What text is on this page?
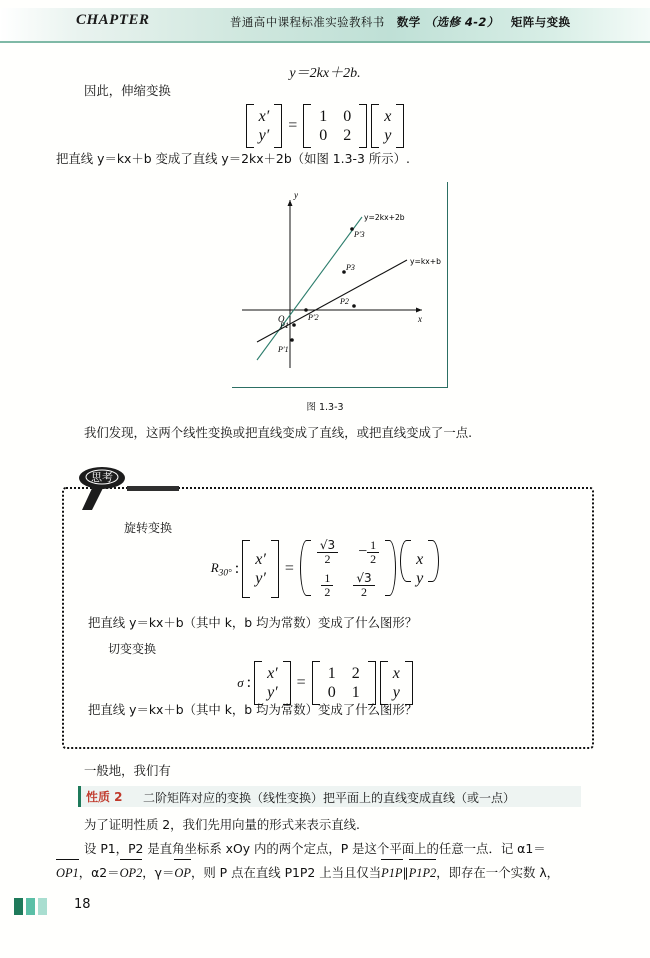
CHAPTER	普通高中课程标准实验教科书 数学 （选修 4-2） 矩阵与变换
y＝2kx＋2b.
因此，伸缩变换
x′
y′
=
1 0
0 2
x
y
把直线 y＝kx＋b 变成了直线 y＝2kx＋2b（如图 1.3-3 所示）.
y
x
O
y=2kx+2b
y=kx+b
P′3
P3
P2
P′2
P1
P′1
图 1.3-3
我们发现，这两个线性变换或把直线变成了直线，或把直线变成了一点.
思考
旋转变换
$R_{30^\circ}$ :
x′
y′
=
$\frac{√3}{2} - \frac{1}{2}$
$\frac{1}{2}$
$\frac{√3}{2}$
x
y
把直线 y＝kx＋b（其中 k，b 均为常数）变成了什么图形？
切变变换
σ :
x′
y′
=
1 2
0 1
x
y
把直线 y＝kx＋b（其中 k，b 均为常数）变成了什么图形？
一般地，我们有
性质 2 二阶矩阵对应的变换（线性变换）把平面上的直线变成直线（或一点）
为了证明性质 2，我们先用向量的形式来表示直线.
设 P1，P2 是直角坐标系 xOy 内的两个定点，P 是这个平面上的任意一点．记 α1＝
OP1，α2＝OP2，γ＝OP，则 P 点在直线 P1P2 上当且仅当P1P∥P1P2，即存在一个实数 λ，
18
